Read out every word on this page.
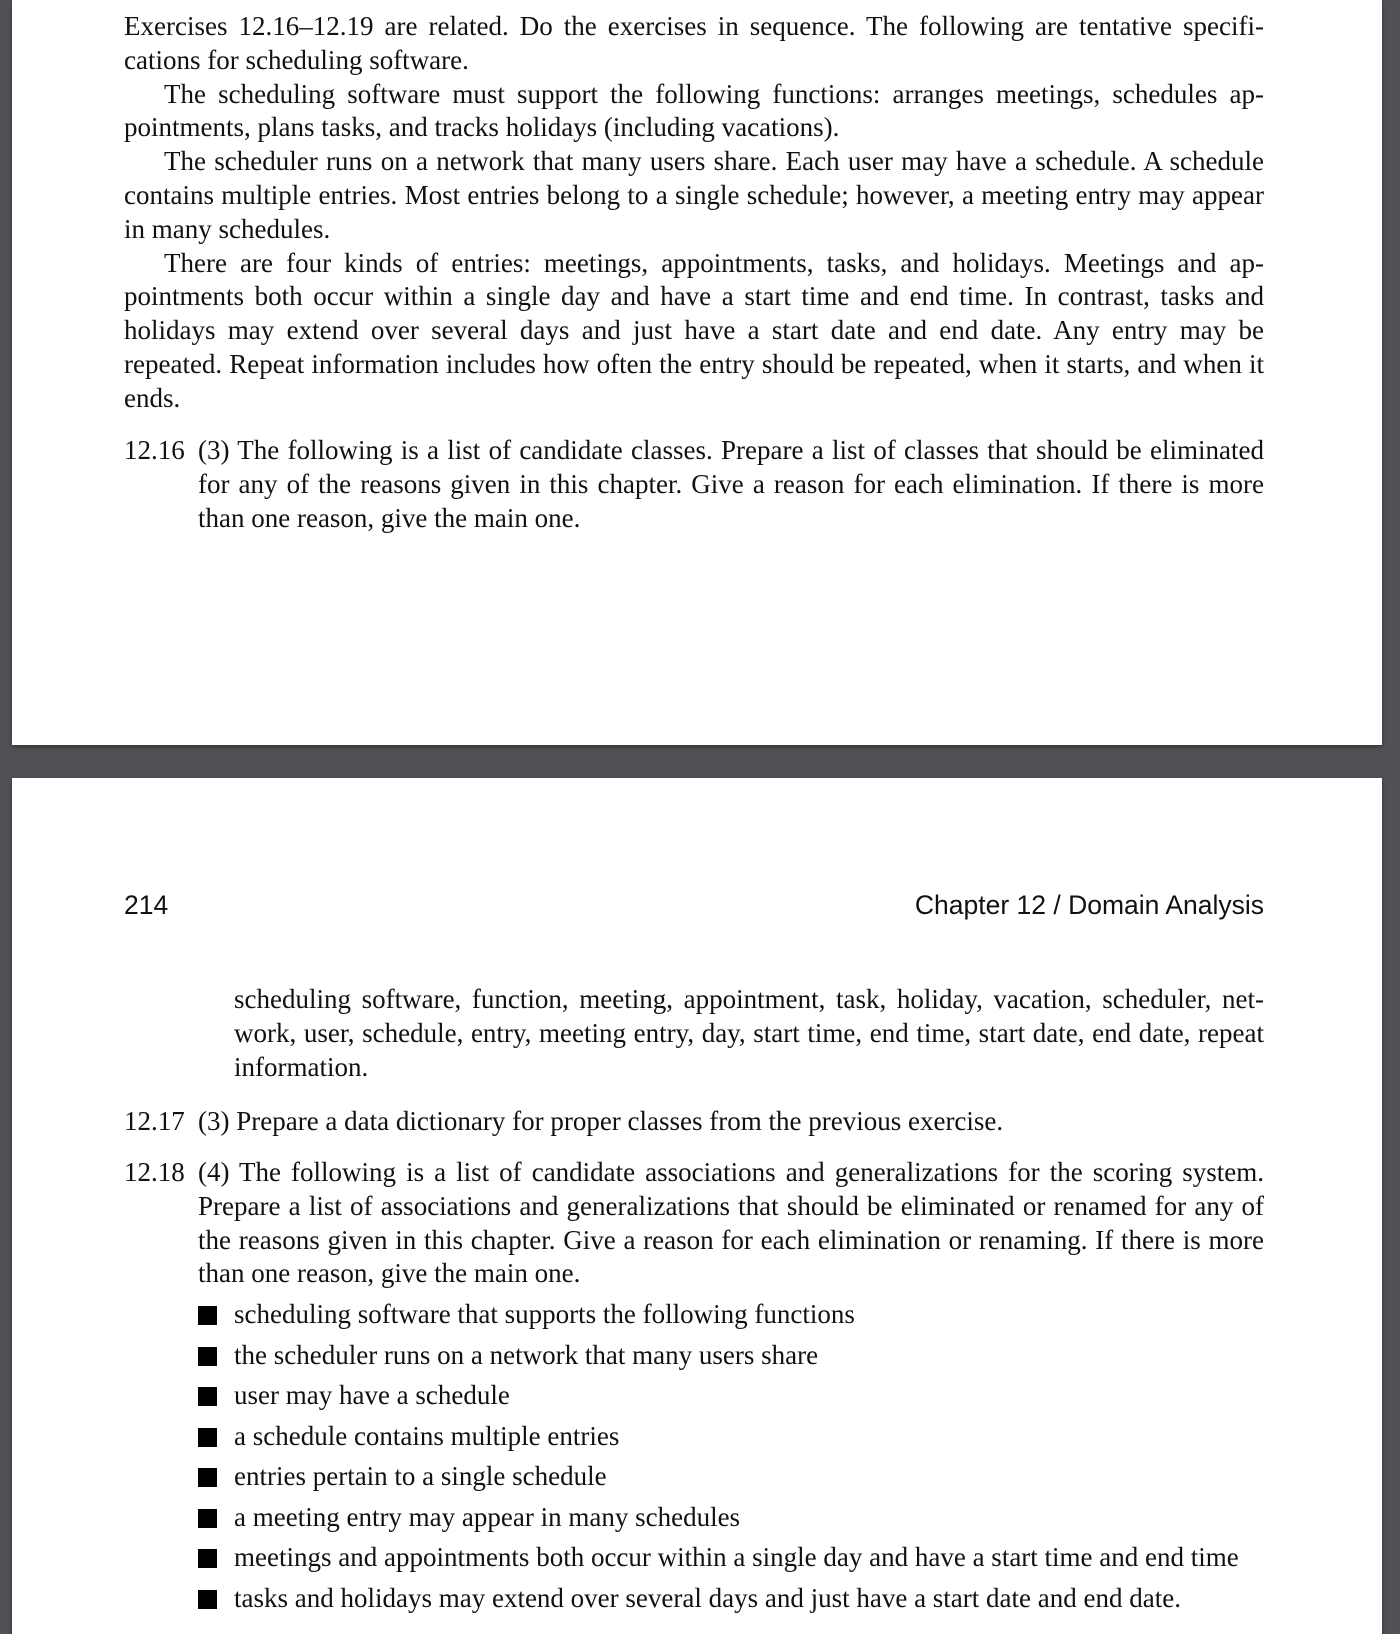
Exercises 12.16–12.19 are related. Do the exercises in sequence. The following are tentative specifications for scheduling software.

The scheduling software must support the following functions: arranges meetings, schedules appointments, plans tasks, and tracks holidays (including vacations).

The scheduler runs on a network that many users share. Each user may have a schedule. A schedule contains multiple entries. Most entries belong to a single schedule; however, a meeting entry may appear in many schedules.

There are four kinds of entries: meetings, appointments, tasks, and holidays. Meetings and appointments both occur within a single day and have a start time and end time. In contrast, tasks and holidays may extend over several days and just have a start date and end date. Any entry may be repeated. Repeat information includes how often the entry should be repeated, when it starts, and when it ends.

12.16 (3) The following is a list of candidate classes. Prepare a list of classes that should be eliminated for any of the reasons given in this chapter. Give a reason for each elimination. If there is more than one reason, give the main one.
214	Chapter 12 / Domain Analysis
scheduling software, function, meeting, appointment, task, holiday, vacation, scheduler, network, user, schedule, entry, meeting entry, day, start time, end time, start date, end date, repeat information.
12.17 (3) Prepare a data dictionary for proper classes from the previous exercise.
12.18 (4) The following is a list of candidate associations and generalizations for the scoring system. Prepare a list of associations and generalizations that should be eliminated or renamed for any of the reasons given in this chapter. Give a reason for each elimination or renaming. If there is more than one reason, give the main one.
scheduling software that supports the following functions
the scheduler runs on a network that many users share
user may have a schedule
a schedule contains multiple entries
entries pertain to a single schedule
a meeting entry may appear in many schedules
meetings and appointments both occur within a single day and have a start time and end time
tasks and holidays may extend over several days and just have a start date and end date.
